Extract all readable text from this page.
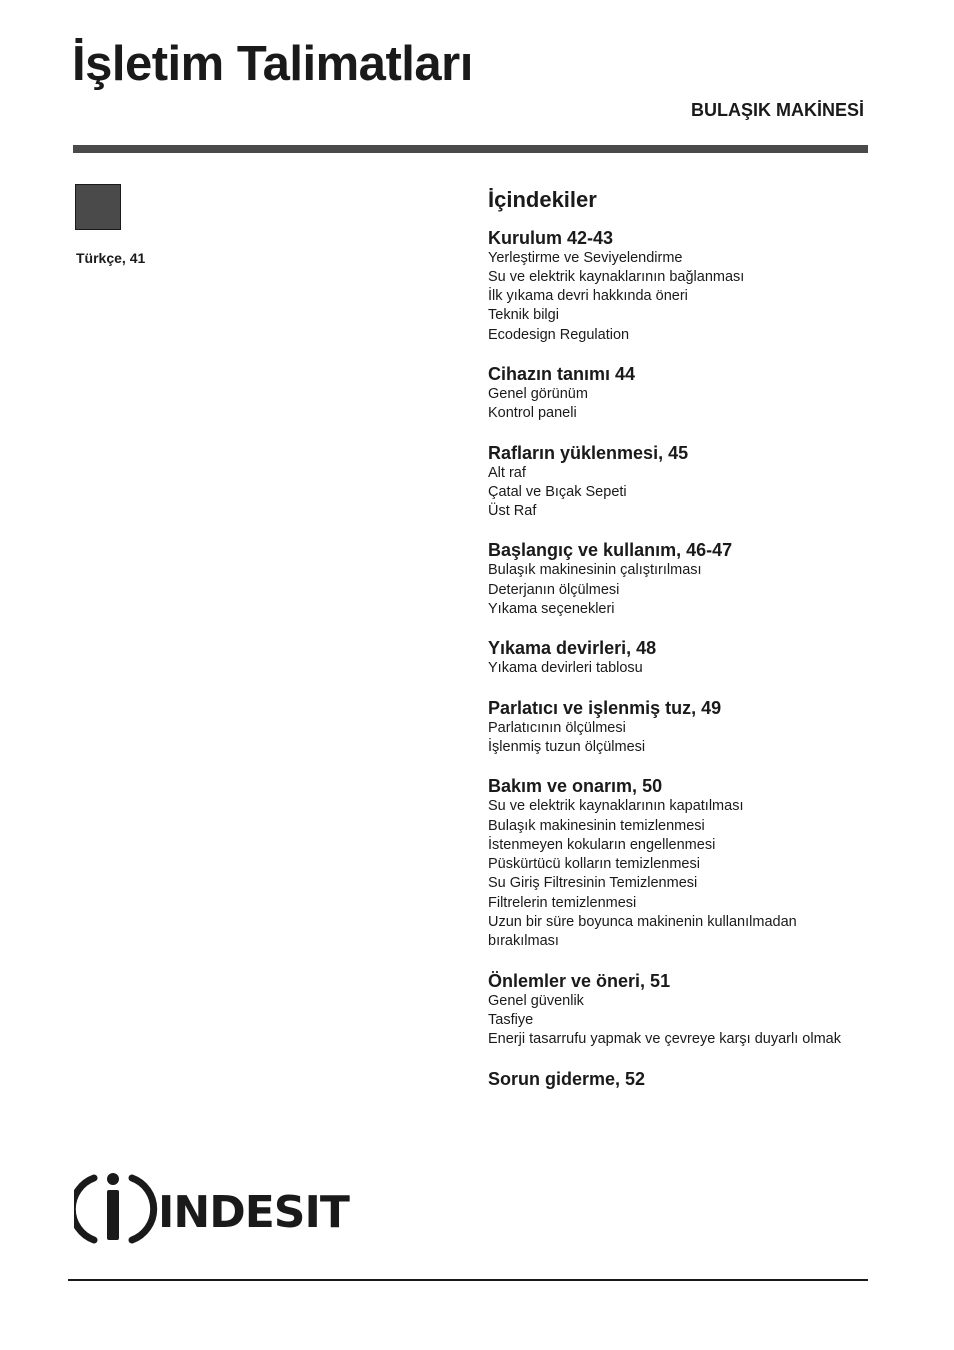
İşletim Talimatları
BULAŞIK MAKİNESİ
Türkçe, 41
İçindekiler
Kurulum 42-43
Yerleştirme ve Seviyelendirme
Su ve elektrik kaynaklarının bağlanması
İlk yıkama devri hakkında öneri
Teknik bilgi
Ecodesign Regulation
Cihazın tanımı 44
Genel görünüm
Kontrol paneli
Rafların yüklenmesi, 45
Alt raf
Çatal ve Bıçak Sepeti
Üst Raf
Başlangıç ve kullanım, 46-47
Bulaşık makinesinin çalıştırılması
Deterjanın ölçülmesi
Yıkama seçenekleri
Yıkama devirleri, 48
Yıkama devirleri tablosu
Parlatıcı ve işlenmiş tuz, 49
Parlatıcının ölçülmesi
İşlenmiş tuzun ölçülmesi
Bakım ve onarım, 50
Su ve elektrik kaynaklarının kapatılması
Bulaşık makinesinin temizlenmesi
İstenmeyen kokuların engellenmesi
Püskürtücü kolların temizlenmesi
Su Giriş Filtresinin Temizlenmesi
Filtrelerin temizlenmesi
Uzun bir süre boyunca makinenin kullanılmadan
bırakılması
Önlemler ve öneri, 51
Genel güvenlik
Tasfiye
Enerji tasarrufu yapmak ve çevreye karşı duyarlı olmak
Sorun giderme, 52
INDESIT
